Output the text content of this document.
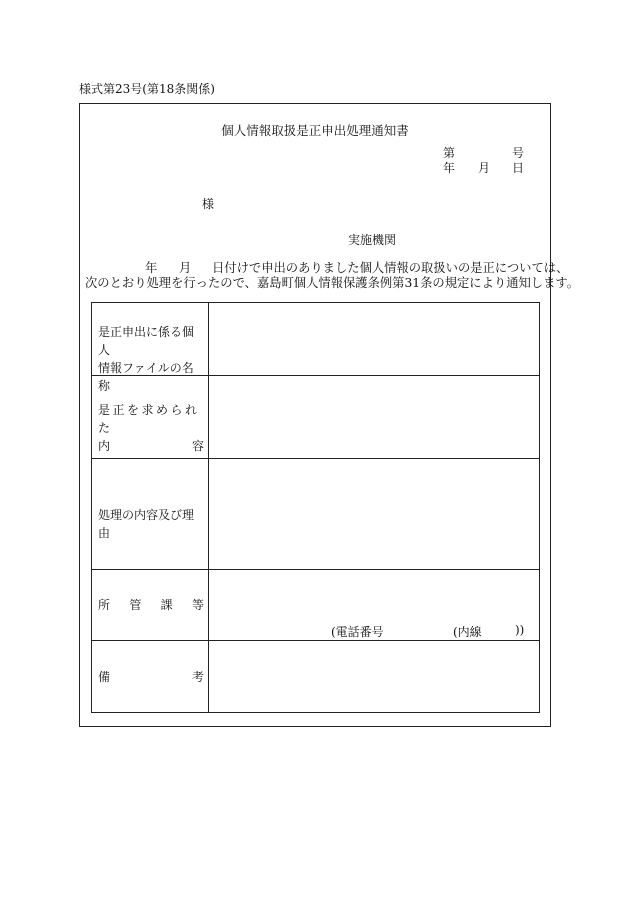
様式第23号(第18条関係)
個人情報取扱是正申出処理通知書
第	号
年 月 日
様
実施機関
年 月 日付けで申出のありました個人情報の取扱いの是正については、
次のとおり処理を行ったので、嘉島町個人情報保護条例第31条の規定により通知します。
是正申出に係る個人
情報ファイルの名称
是正を求められた
内	容
処理の内容及び理由
所 管 課 等
(電話番号	(内線	))
備	考
